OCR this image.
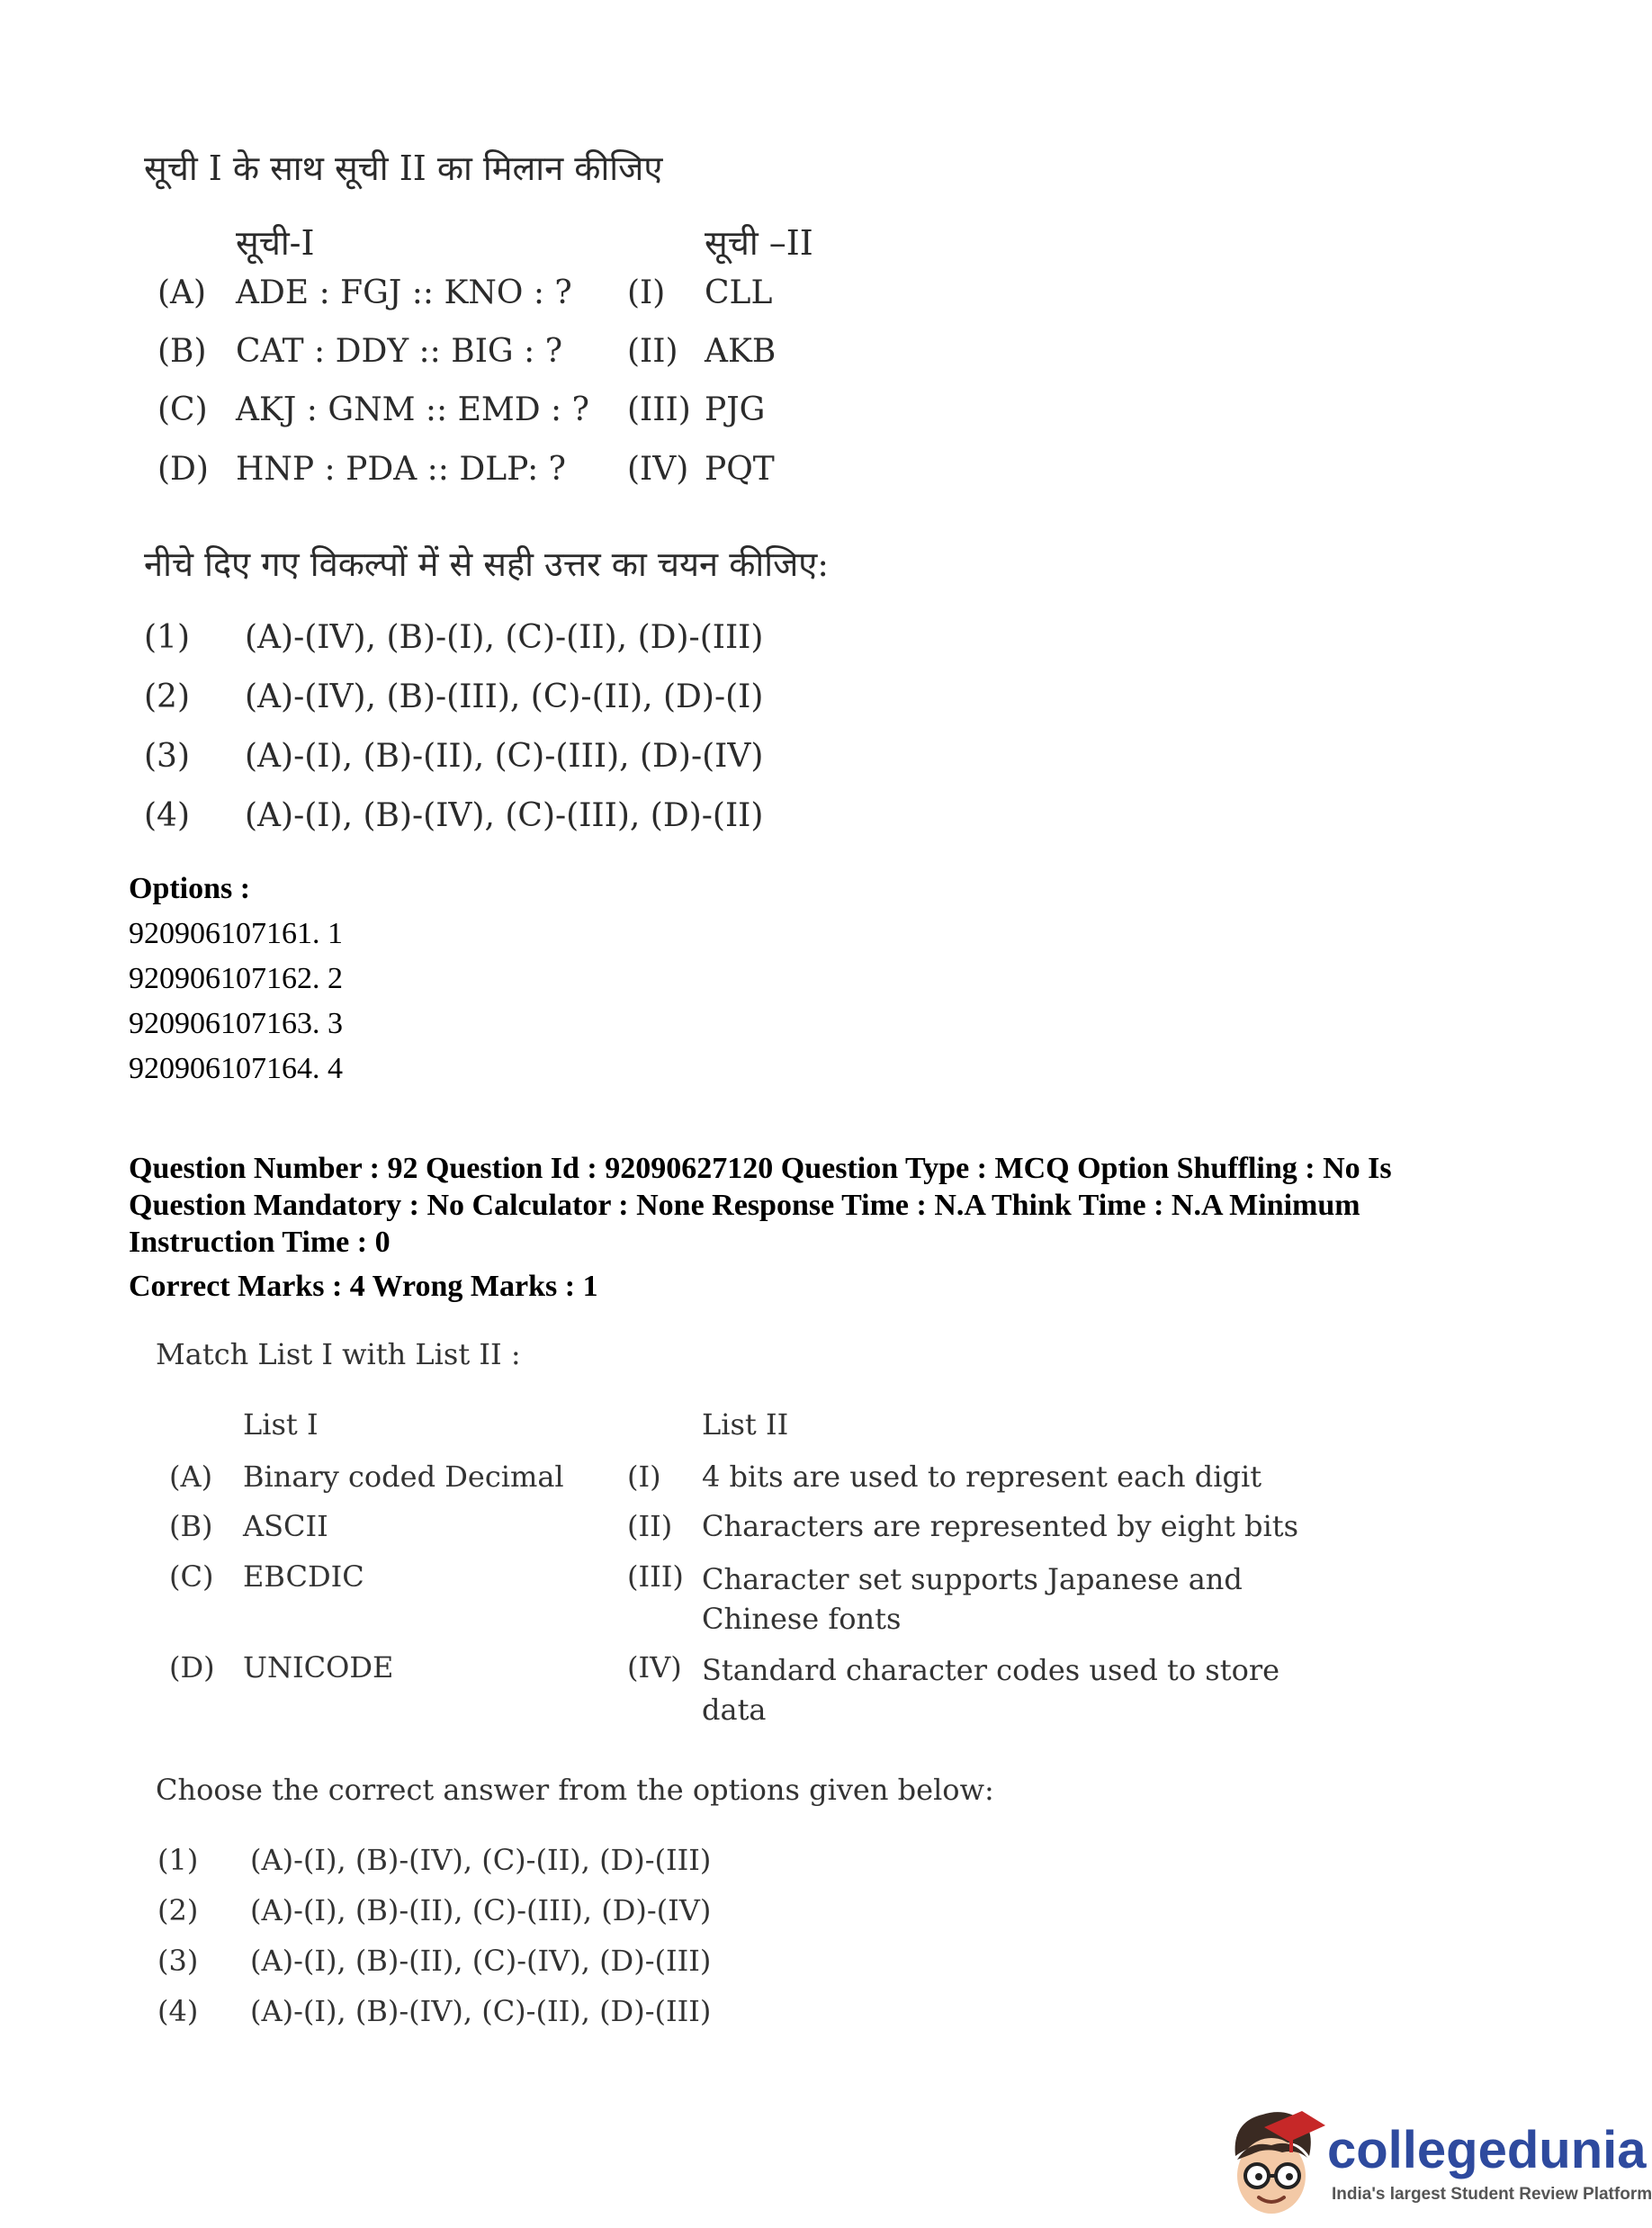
सूची I के साथ सूची II का मिलान कीजिए
सूची-I	सूची –II
(A) ADE : FGJ :: KNO : ? (I) CLL
(B) CAT : DDY :: BIG : ? (II) AKB
(C) AKJ : GNM :: EMD : ? (III) PJG
(D) HNP : PDA :: DLP: ? (IV) PQT
नीचे दिए गए विकल्पों में से सही उत्तर का चयन कीजिए:
(1) (A)-(IV), (B)-(I), (C)-(II), (D)-(III)
(2) (A)-(IV), (B)-(III), (C)-(II), (D)-(I)
(3) (A)-(I), (B)-(II), (C)-(III), (D)-(IV)
(4) (A)-(I), (B)-(IV), (C)-(III), (D)-(II)
Options :
920906107161. 1
920906107162. 2
920906107163. 3
920906107164. 4
Question Number : 92 Question Id : 92090627120 Question Type : MCQ Option Shuffling : No Is
Question Mandatory : No Calculator : None Response Time : N.A Think Time : N.A Minimum
Instruction Time : 0
Correct Marks : 4 Wrong Marks : 1
Match List I with List II :
List I	List II
(A) Binary coded Decimal (I) 4 bits are used to represent each digit
(B) ASCII	(II) Characters are represented by eight bits
(C) EBCDIC	(III) Character set supports Japanese and Chinese fonts
(D) UNICODE	(IV) Standard character codes used to store data
Choose the correct answer from the options given below:
(1) (A)-(I), (B)-(IV), (C)-(II), (D)-(III)
(2) (A)-(I), (B)-(II), (C)-(III), (D)-(IV)
(3) (A)-(I), (B)-(II), (C)-(IV), (D)-(III)
(4) (A)-(I), (B)-(IV), (C)-(II), (D)-(III)
collegedunia
India's largest Student Review Platform
